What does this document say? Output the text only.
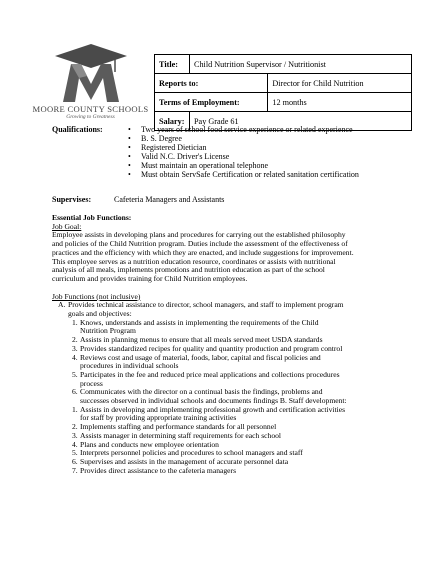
MOORE COUNTY SCHOOLS
Growing to Greatness
Title:	Child Nutrition Supervisor / Nutritionist	
Reports to:		Director for Child Nutrition
Terms of Employment:		12 months
Salary:	Pay Grade 61	
Qualifications:	• Two years of school food service experience or related experience
• B. S. Degree
• Registered Dietician
• Valid N.C. Driver's License
• Must maintain an operational telephone
• Must obtain ServSafe Certification or related sanitation certification
Supervises:	Cafeteria Managers and Assistants
Essential Job Functions:
Job Goal:

Employee assists in developing plans and procedures for carrying out the established philosophy
and policies of the Child Nutrition program. Duties include the assessment of the effectiveness of
practices and the efficiency with which they are enacted, and include suggestions for improvement.
This employee serves as a nutrition education resource, coordinates or assists with nutritional
analysis of all meals, implements promotions and nutrition education as part of the school
curriculum and provides training for Child Nutrition employees.

Job Functions (not inclusive)
A. Provides technical assistance to director, school managers, and staff to implement program
goals and objectives:
1. Knows, understands and assists in implementing the requirements of the Child
Nutrition Program
2. Assists in planning menus to ensure that all meals served meet USDA standards
3. Provides standardized recipes for quality and quantity production and program control
4. Reviews cost and usage of material, foods, labor, capital and fiscal policies and
procedures in individual schools
5. Participates in the fee and reduced price meal applications and collections procedures
process
6. Communicates with the director on a continual basis the findings, problems and
successes observed in individual schools and documents findings B. Staff development:
1. Assists in developing and implementing professional growth and certification activities
for staff by providing appropriate training activities
2. Implements staffing and performance standards for all personnel
3. Assists manager in determining staff requirements for each school
4. Plans and conducts new employee orientation
5. Interprets personnel policies and procedures to school managers and staff
6. Supervises and assists in the management of accurate personnel data
7. Provides direct assistance to the cafeteria managers
